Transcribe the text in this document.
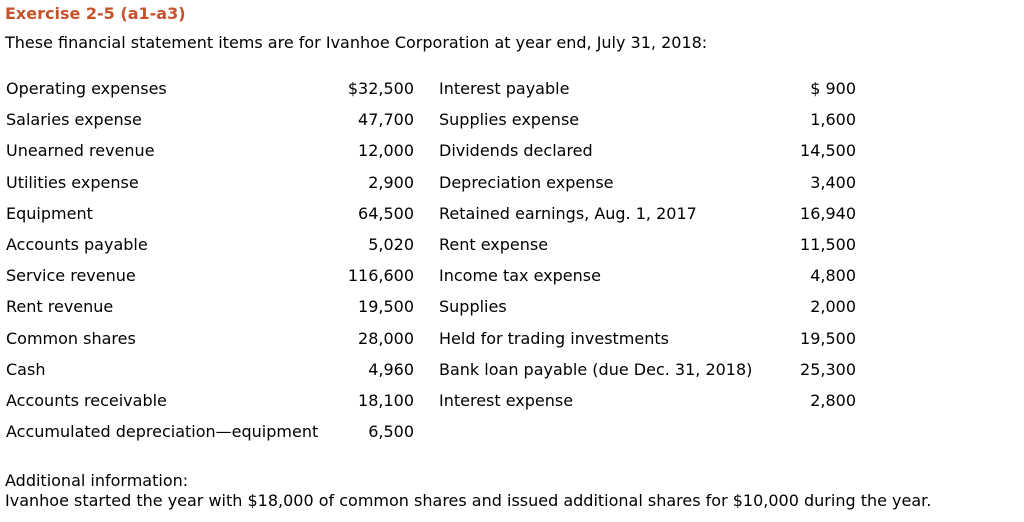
Exercise 2-5 (a1-a3)
These financial statement items are for Ivanhoe Corporation at year end, July 31, 2018:
Operating expenses	$32,500 Interest payable	$ 900
Salaries expense	47,700 Supplies expense	1,600
Unearned revenue	12,000 Dividends declared	14,500
Utilities expense	2,900 Depreciation expense	3,400
Equipment	64,500 Retained earnings, Aug. 1, 2017	16,940
Accounts payable	5,020 Rent expense	11,500
Service revenue	116,600 Income tax expense	4,800
Rent revenue	19,500 Supplies	2,000
Common shares	28,000 Held for trading investments	19,500
Cash	4,960 Bank loan payable (due Dec. 31, 2018)	25,300
Accounts receivable	18,100 Interest expense	2,800
Accumulated depreciation—equipment	6,500
Additional information:
Ivanhoe started the year with $18,000 of common shares and issued additional shares for $10,000 during the year.
